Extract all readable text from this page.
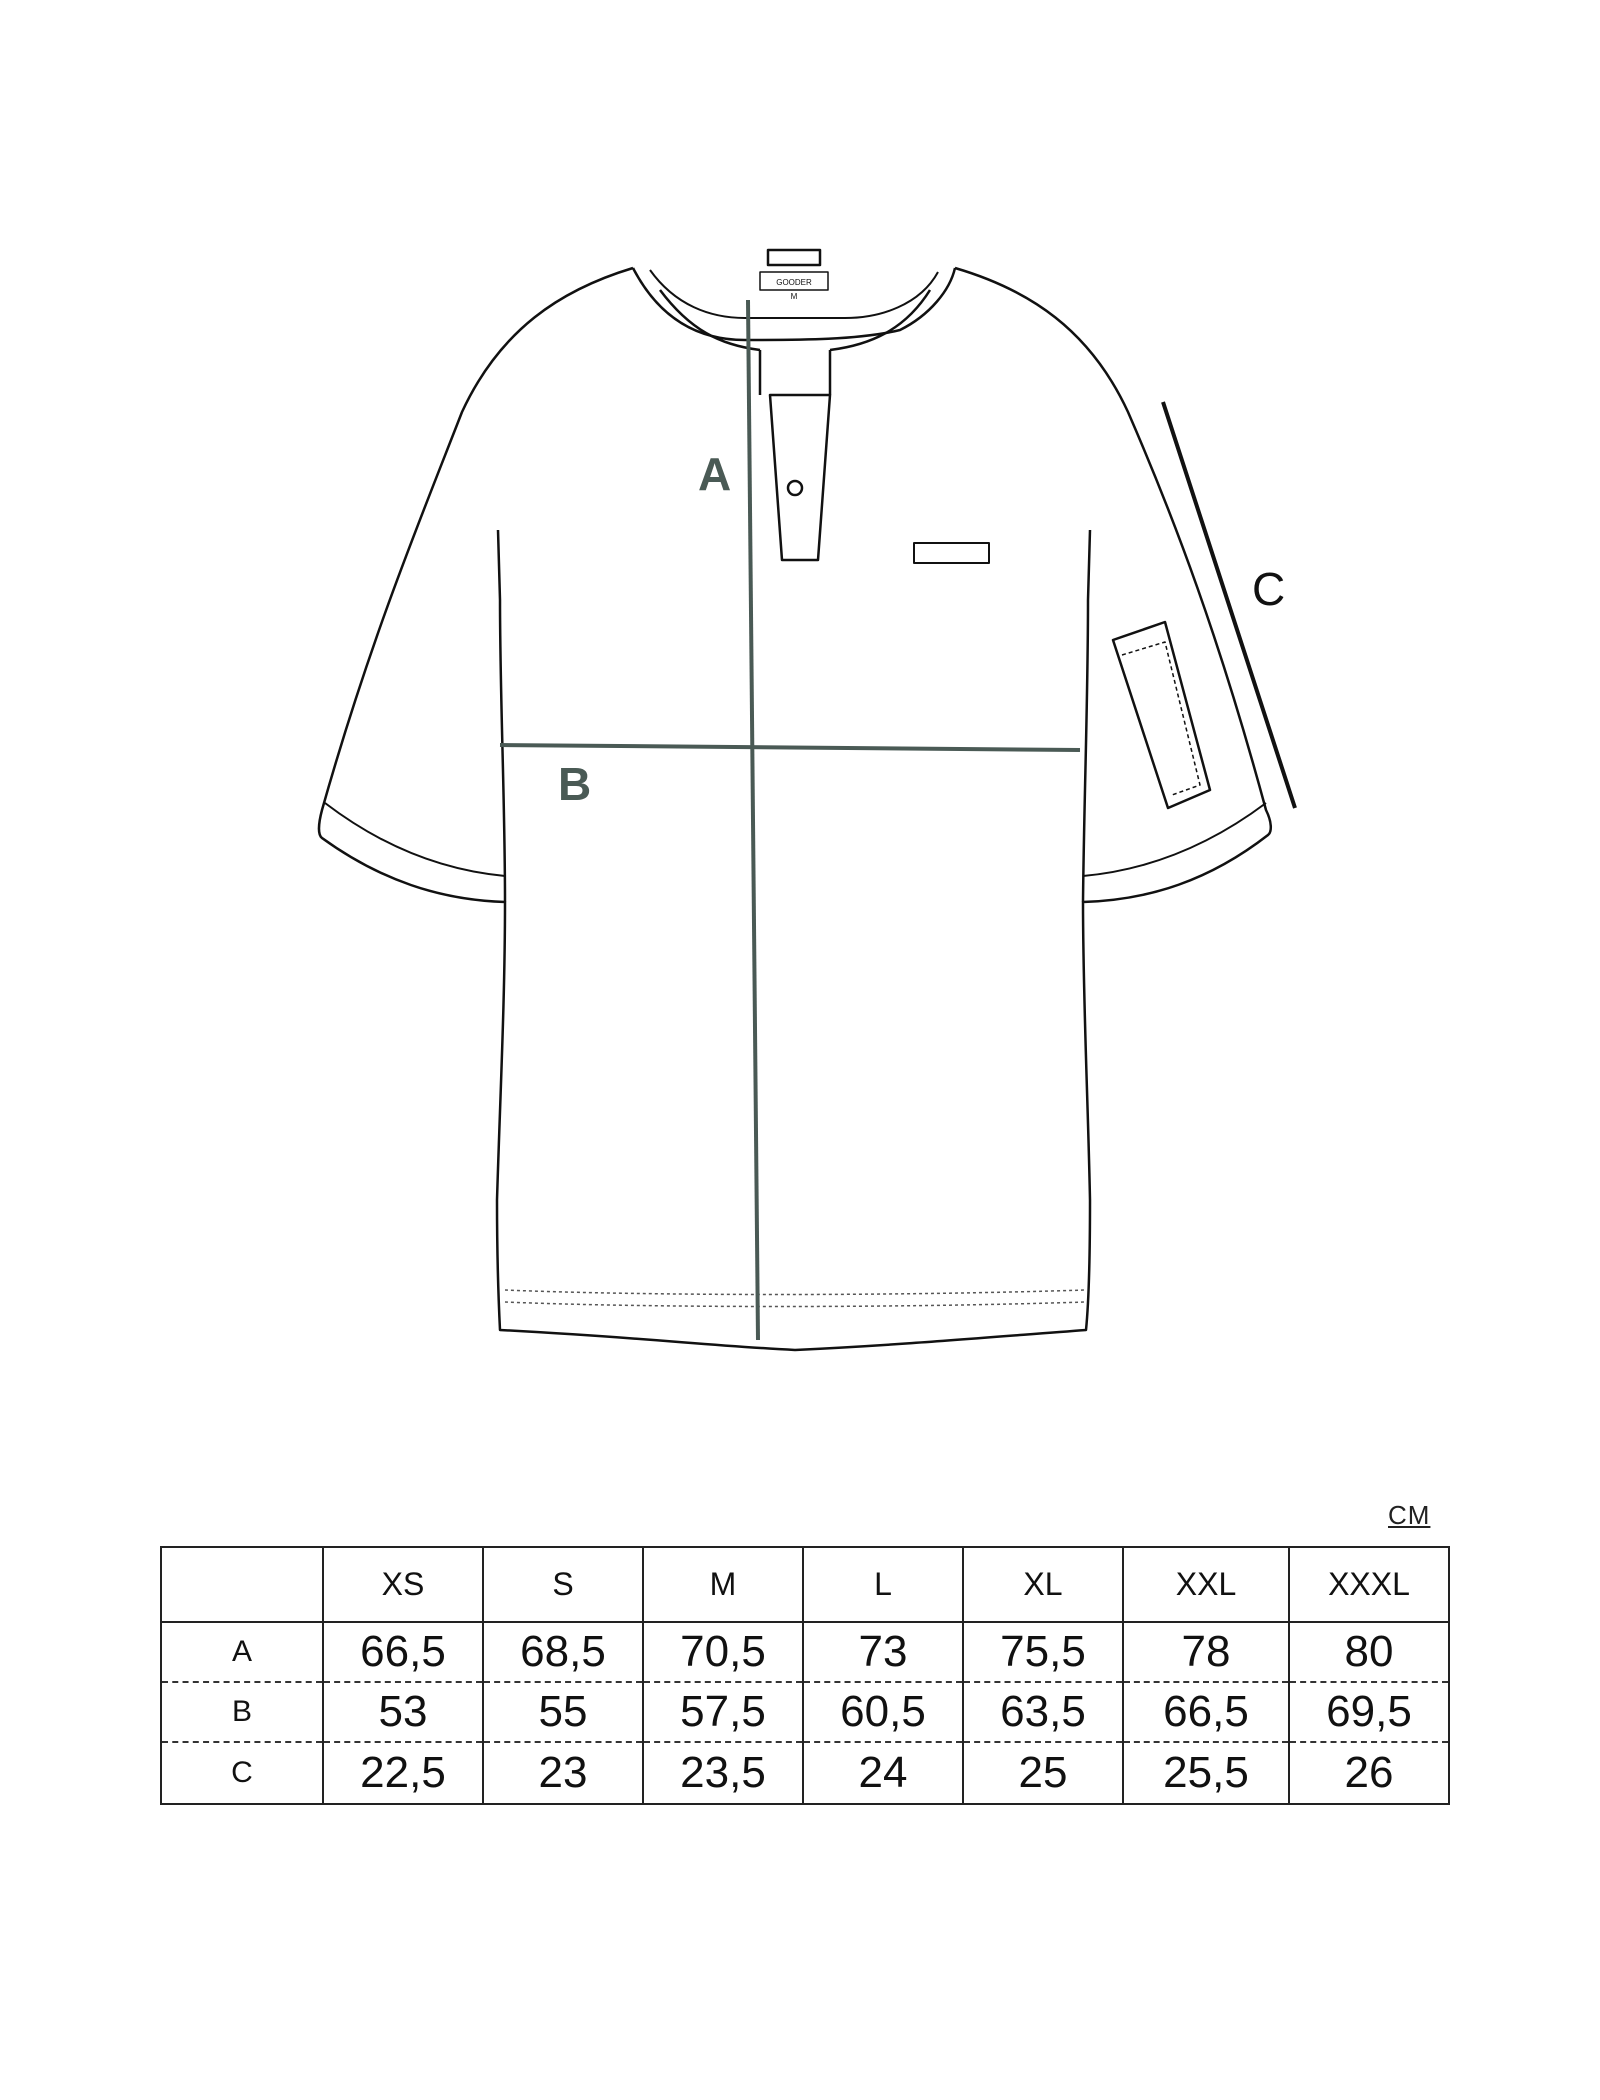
A
B
C
GOODER
M
CM
	XS	S	M	L	XL	XXL	XXXL
A	66,5	68,5	70,5	73	75,5	78	80
B	53	55	57,5	60,5	63,5	66,5	69,5
C	22,5	23	23,5	24	25	25,5	26
